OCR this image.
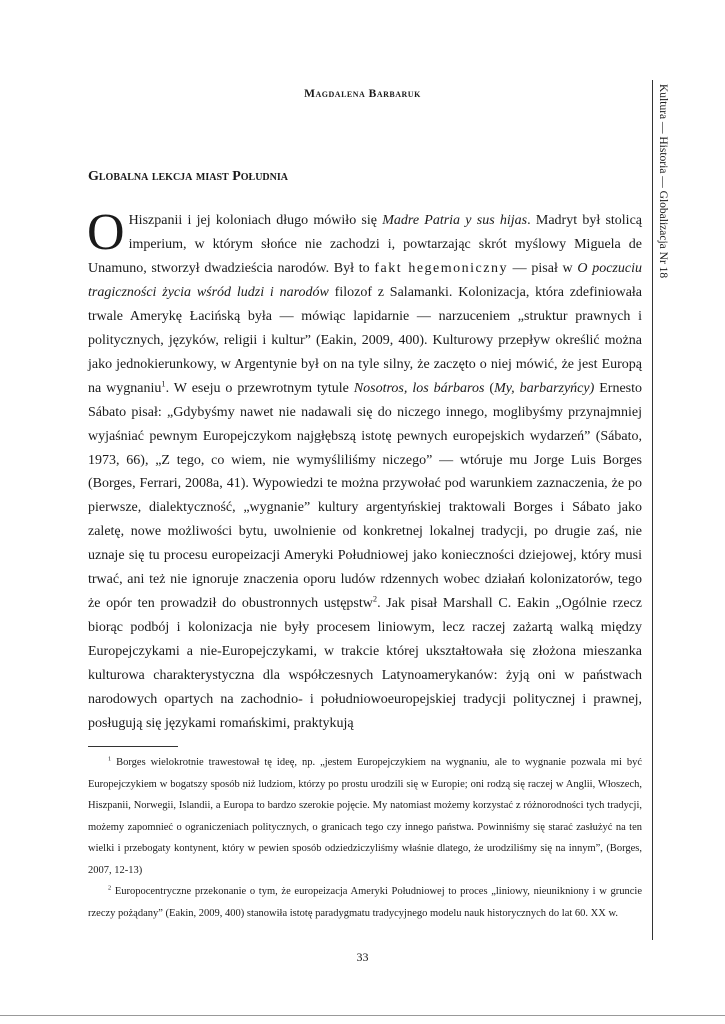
Magdalena Barbaruk
Globalna lekcja miast Południa

O Hiszpanii i jej koloniach długo mówiło się Madre Patria y sus hijas. Madryt był stolicą imperium, w którym słońce nie zachodzi i, powtarzając skrót myślowy Miguela de Unamuno, stworzył dwadzieścia narodów. Był to fakt hegemoniczny — pisał w O poczuciu tragiczności życia wśród ludzi i narodów filozof z Salamanki. Kolonizacja, która zdefiniowała trwale Amerykę Łacińską była — mówiąc lapidarnie — narzuceniem „struktur prawnych i politycznych, języków, religii i kultur” (Eakin, 2009, 400). Kulturowy przepływ określić można jako jednokierunkowy, w Argentynie był on na tyle silny, że zaczęto o niej mówić, że jest Europą na wygnaniu$^1$. W eseju o przewrotnym tytule Nosotros, los bárbaros (My, barbarzyńcy) Ernesto Sábato pisał: „Gdybyśmy nawet nie nadawali się do niczego innego, moglibyśmy przynajmniej wyjaśniać pewnym Europejczykom najgłębszą istotę pewnych europejskich wydarzeń” (Sábato, 1973, 66), „Z tego, co wiem, nie wymyśliliśmy niczego” — wtóruje mu Jorge Luis Borges (Borges, Ferrari, 2008a, 41). Wypowiedzi te można przywołać pod warunkiem zaznaczenia, że po pierwsze, dialektyczność, „wygnanie” kultury argentyńskiej traktowali Borges i Sábato jako zaletę, nowe możliwości bytu, uwolnienie od konkretnej lokalnej tradycji, po drugie zaś, nie uznaje się tu procesu europeizacji Ameryki Południowej jako konieczności dziejowej, który musi trwać, ani też nie ignoruje znaczenia oporu ludów rdzennych wobec działań kolonizatorów, tego że opór ten prowadził do obustronnych ustępstw$^2$. Jak pisał Marshall C. Eakin „Ogólnie rzecz biorąc podbój i kolonizacja nie były procesem liniowym, lecz raczej zażartą walką między Europejczykami a nie-Europejczykami, w trakcie której ukształtowała się złożona mieszanka kulturowa charakterystyczna dla współczesnych Latynoamerykanów: żyją oni w państwach narodowych opartych na zachodnio- i południowoeuropejskiej tradycji politycznej i prawnej, posługują się językami romańskimi, praktykują

$^1$ Borges wielokrotnie trawestował tę ideę, np. „jestem Europejczykiem na wygnaniu, ale to wygnanie pozwala mi być Europejczykiem w bogatszy sposób niż ludziom, którzy po prostu urodzili się w Europie; oni rodzą się raczej w Anglii, Włoszech, Hiszpanii, Norwegii, Islandii, a Europa to bardzo szerokie pojęcie. My natomiast możemy korzystać z różnorodności tych tradycji, możemy zapomnieć o ograniczeniach politycznych, o granicach tego czy innego państwa. Powinniśmy się starać zasłużyć na ten wielki i przebogaty kontynent, który w pewien sposób odziedziczyliśmy właśnie dlatego, że urodziliśmy się na innym”, (Borges, 2007, 12-13)

$^2$ Europocentryczne przekonanie o tym, że europeizacja Ameryki Południowej to proces „liniowy, nieunikniony i w gruncie rzeczy pożądany” (Eakin, 2009, 400) stanowiła istotę paradygmatu tradycyjnego modelu nauk historycznych do lat 60. XX w.

Kultura — Historia — Globalizacja Nr 18
33
